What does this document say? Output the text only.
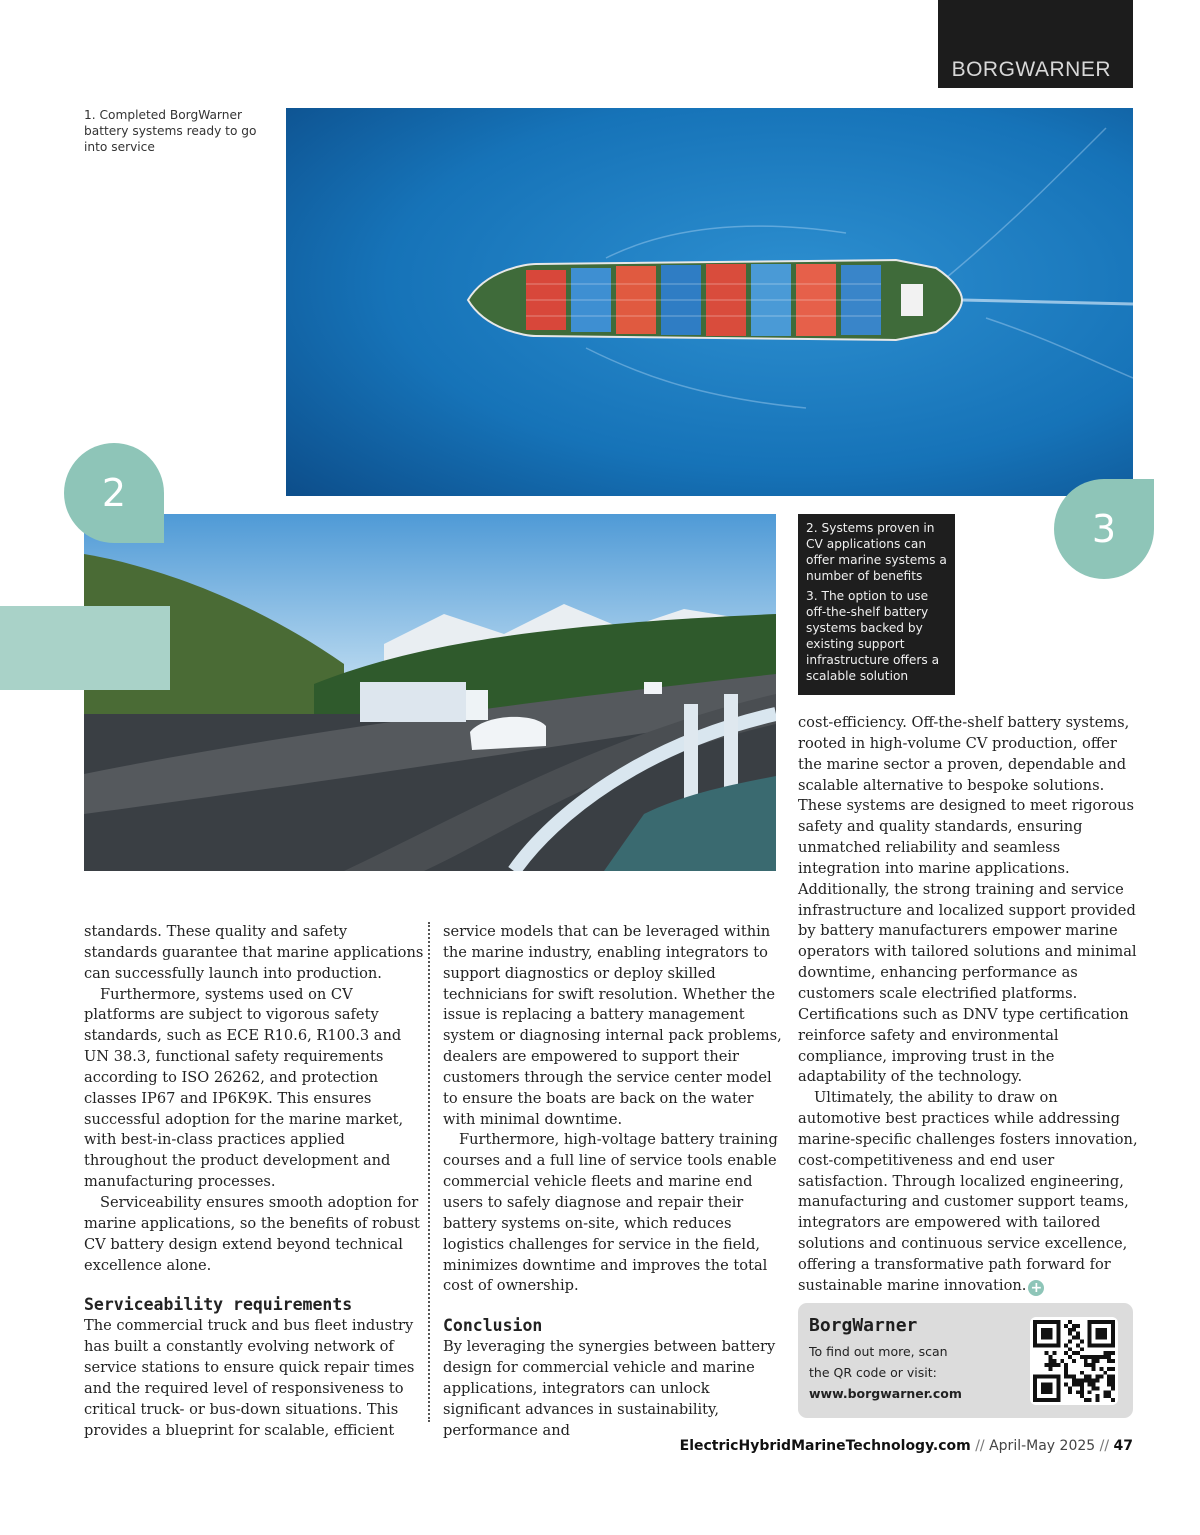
BORGWARNER
1. Completed BorgWarner battery systems ready to go into service
2
3

2. Systems proven in CV applications can offer marine systems a number of benefits

3. The option to use off-the-shelf battery systems backed by existing support infrastructure offers a scalable solution

standards. These quality and safety standards guarantee that marine applications can successfully launch into production.

Furthermore, systems used on CV platforms are subject to vigorous safety standards, such as ECE R10.6, R100.3 and UN 38.3, functional safety requirements according to ISO 26262, and protection classes IP67 and IP6K9K. This ensures successful adoption for the marine market, with best-in-class practices applied throughout the product development and manufacturing processes.

Serviceability ensures smooth adoption for marine applications, so the benefits of robust CV battery design extend beyond technical excellence alone.

Serviceability requirements

The commercial truck and bus fleet industry has built a constantly evolving network of service stations to ensure quick repair times and the required level of responsiveness to critical truck- or bus-down situations. This provides a blueprint for scalable, efficient

service models that can be leveraged within the marine industry, enabling integrators to support diagnostics or deploy skilled technicians for swift resolution. Whether the issue is replacing a battery management system or diagnosing internal pack problems, dealers are empowered to support their customers through the service center model to ensure the boats are back on the water with minimal downtime.

Furthermore, high-voltage battery training courses and a full line of service tools enable commercial vehicle fleets and marine end users to safely diagnose and repair their battery systems on-site, which reduces logistics challenges for service in the field, minimizes downtime and improves the total cost of ownership.

Conclusion

By leveraging the synergies between battery design for commercial vehicle and marine applications, integrators can unlock significant advances in sustainability, performance and

cost-efficiency. Off-the-shelf battery systems, rooted in high-volume CV production, offer the marine sector a proven, dependable and scalable alternative to bespoke solutions. These systems are designed to meet rigorous safety and quality standards, ensuring unmatched reliability and seamless integration into marine applications. Additionally, the strong training and service infrastructure and localized support provided by battery manufacturers empower marine operators with tailored solutions and minimal downtime, enhancing performance as customers scale electrified platforms. Certifications such as DNV type certification reinforce safety and environmental compliance, improving trust in the adaptability of the technology.

Ultimately, the ability to draw on automotive best practices while addressing marine-specific challenges fosters innovation, cost-competitiveness and end user satisfaction. Through localized engineering, manufacturing and customer support teams, integrators are empowered with tailored solutions and continuous service excellence, offering a transformative path forward for sustainable marine innovation. +

BorgWarner
To find out more, scan the QR code or visit:
www.borgwarner.com
ElectricHybridMarineTechnology.com // April-May 2025 // 47
